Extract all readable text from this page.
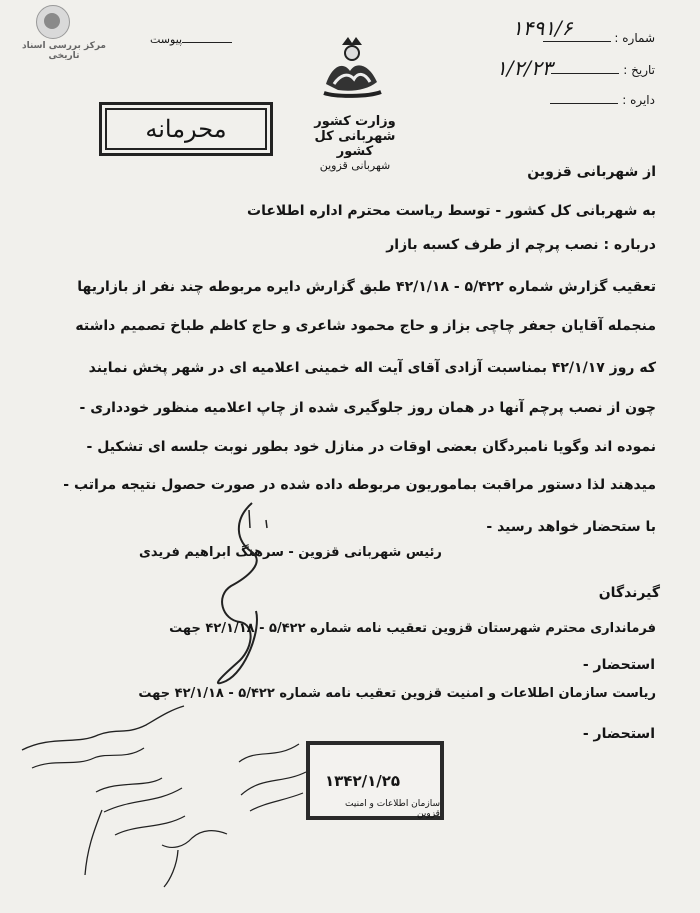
مرکز بررسی اسناد تاریخی
پیوست
وزارت کشور
شهربانی کل کشور
شهربانی قزوین
محرمانه
شماره :
۱۴۹۱/۶
تاریخ :
۱/۲/۲۳
دایره :
از شهربانی قزوین
به شهربانی کل کشور - توسط ریاست محترم اداره اطلاعات
درباره : نصب پرچم از طرف کسبه بازار
تعقیب گزارش شماره ۵/۴۲۲ - ۴۲/۱/۱۸ طبق گزارش دایره مربوطه چند نفر از بازاریها
منجمله آقایان جعفر چاچی بزاز و حاج محمود شاعری و حاج کاظم طباخ تصمیم داشته
که روز ۴۲/۱/۱۷ بمناسبت آزادی آقای آیت اله خمینی اعلامیه ای در شهر پخش نمایند
چون از نصب پرچم آنها در همان روز جلوگیری شده از چاپ اعلامیه منظور خودداری -
نموده اند وگویا نامبردگان بعضی اوقات در منازل خود بطور نوبت جلسه ای تشکیل -
میدهند لذا دستور مراقبت بماموریون مربوطه داده شده در صورت حصول نتیجه مراتب -
با ستحضار خواهد رسید -
رئیس شهربانی قزوین - سرهنگ ابراهیم فریدی
گیرندگان
فرمانداری محترم شهرستان قزوین تعقیب نامه شماره ۵/۴۲۲ - ۴۲/۱/۱۸ جهت
استحضار -
ریاست سازمان اطلاعات و امنیت قزوین تعقیب نامه شماره ۵/۴۲۲ - ۴۲/۱/۱۸ جهت
استحضار -
۱۳۴۲/۱/۲۵
سازمان اطلاعات و امنیت قزوین
